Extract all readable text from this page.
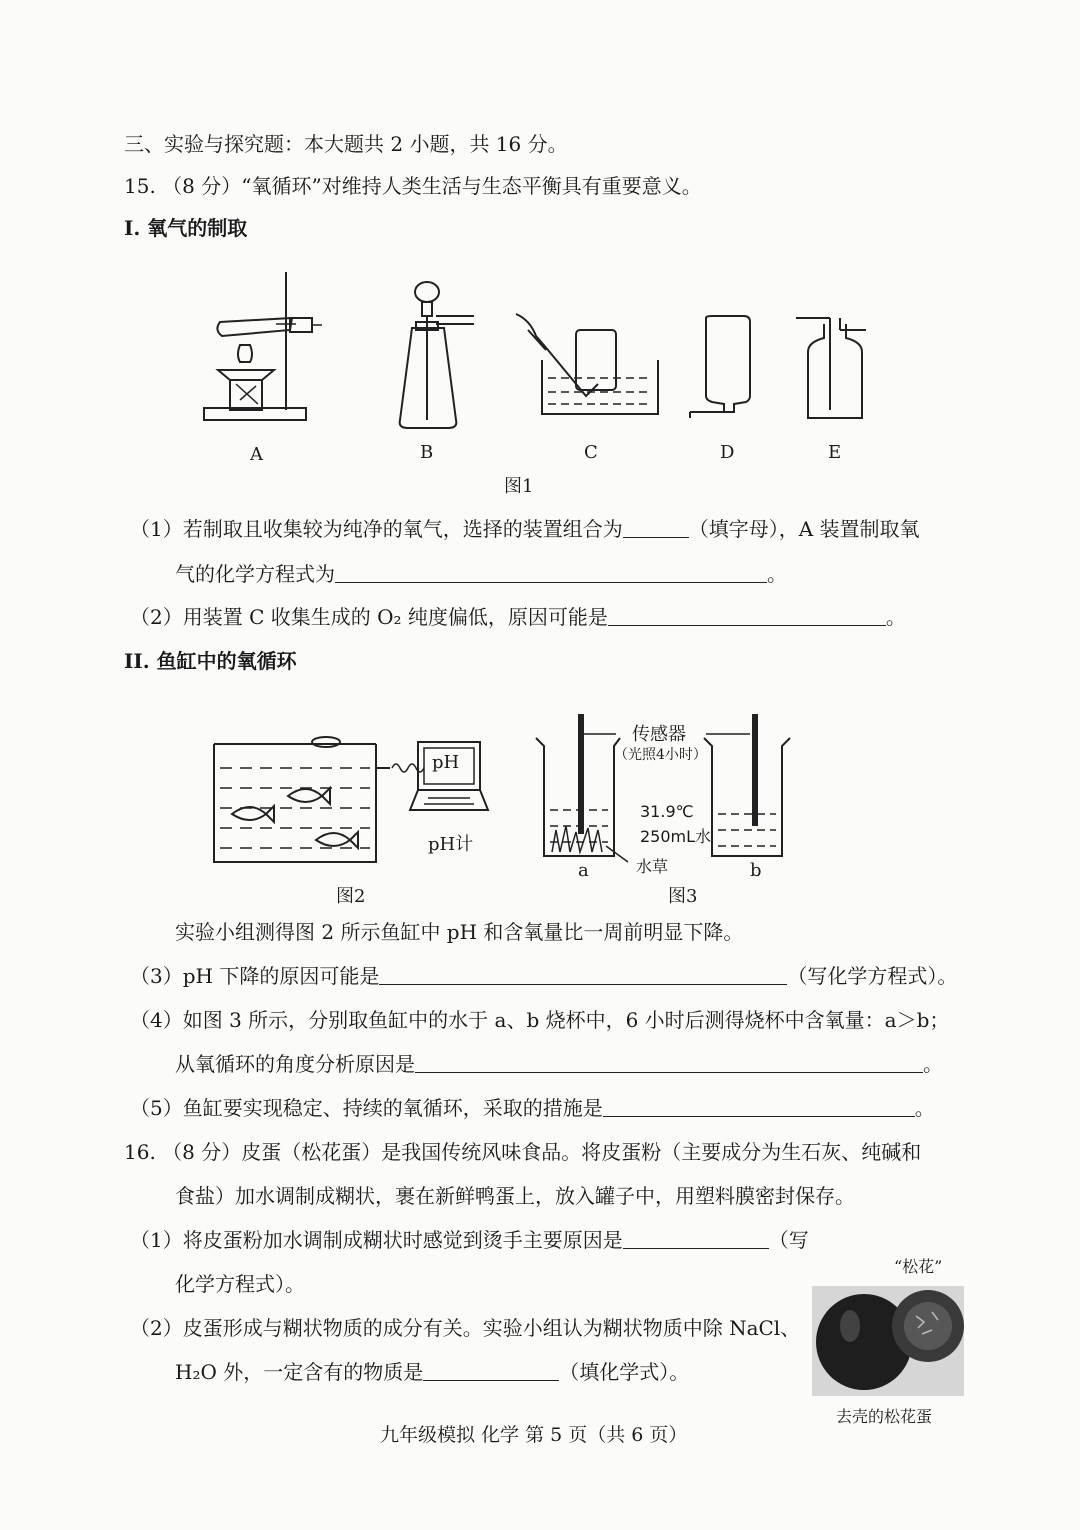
三、实验与探究题：本大题共 2 小题，共 16 分。
15. （8 分）“氧循环”对维持人类生活与生态平衡具有重要意义。
I. 氧气的制取
A	B	C	D	E
图1
（1）若制取且收集较为纯净的氧气，选择的装置组合为	（填字母），A 装置制取氧
气的化学方程式为	。
（2）用装置 C 收集生成的 O₂ 纯度偏低，原因可能是	。
II. 鱼缸中的氧循环
pH
pH计
图2
传感器
（光照4小时）
31.9℃
250mL水
水草
a	b
图3
实验小组测得图 2 所示鱼缸中 pH 和含氧量比一周前明显下降。
（3）pH 下降的原因可能是	（写化学方程式）。
（4）如图 3 所示，分别取鱼缸中的水于 a、b 烧杯中，6 小时后测得烧杯中含氧量：a＞b；
从氧循环的角度分析原因是	。
（5）鱼缸要实现稳定、持续的氧循环，采取的措施是	。
16. （8 分）皮蛋（松花蛋）是我国传统风味食品。将皮蛋粉（主要成分为生石灰、纯碱和
食盐）加水调制成糊状，裹在新鲜鸭蛋上，放入罐子中，用塑料膜密封保存。
（1）将皮蛋粉加水调制成糊状时感觉到烫手主要原因是	（写
化学方程式）。
（2）皮蛋形成与糊状物质的成分有关。实验小组认为糊状物质中除 NaCl、
H₂O 外，一定含有的物质是	（填化学式）。
“松花”
去壳的松花蛋
九年级模拟 化学 第 5 页（共 6 页）
